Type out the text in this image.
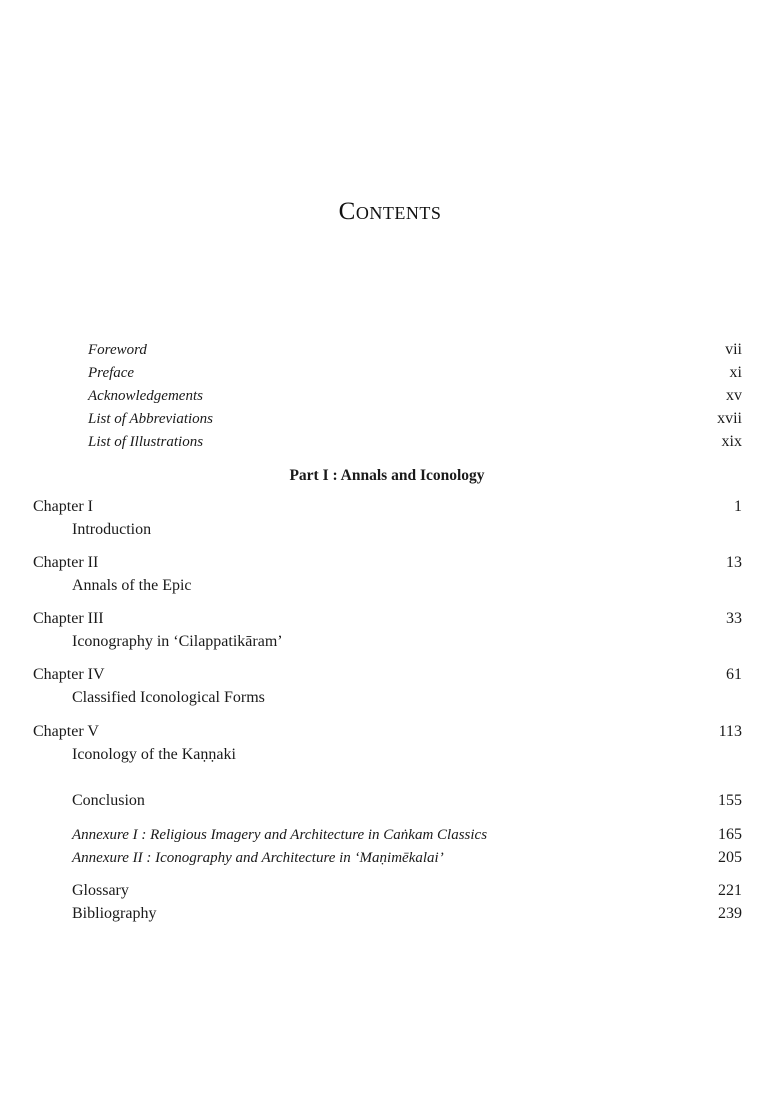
Contents
Foreword	vii
Preface	xi
Acknowledgements	xv
List of Abbreviations	xvii
List of Illustrations	xix
Part I : Annals and Iconology
Chapter I	1
Introduction
Chapter II	13
Annals of the Epic
Chapter III	33
Iconography in ‘Cilappatikāram’
Chapter IV	61
Classified Iconological Forms
Chapter V	113
Iconology of the Kaṇṇaki
Conclusion	155
Annexure I : Religious Imagery and Architecture in Caṅkam Classics	165
Annexure II : Iconography and Architecture in ‘Maṇimēkalai’	205
Glossary	221
Bibliography	239
